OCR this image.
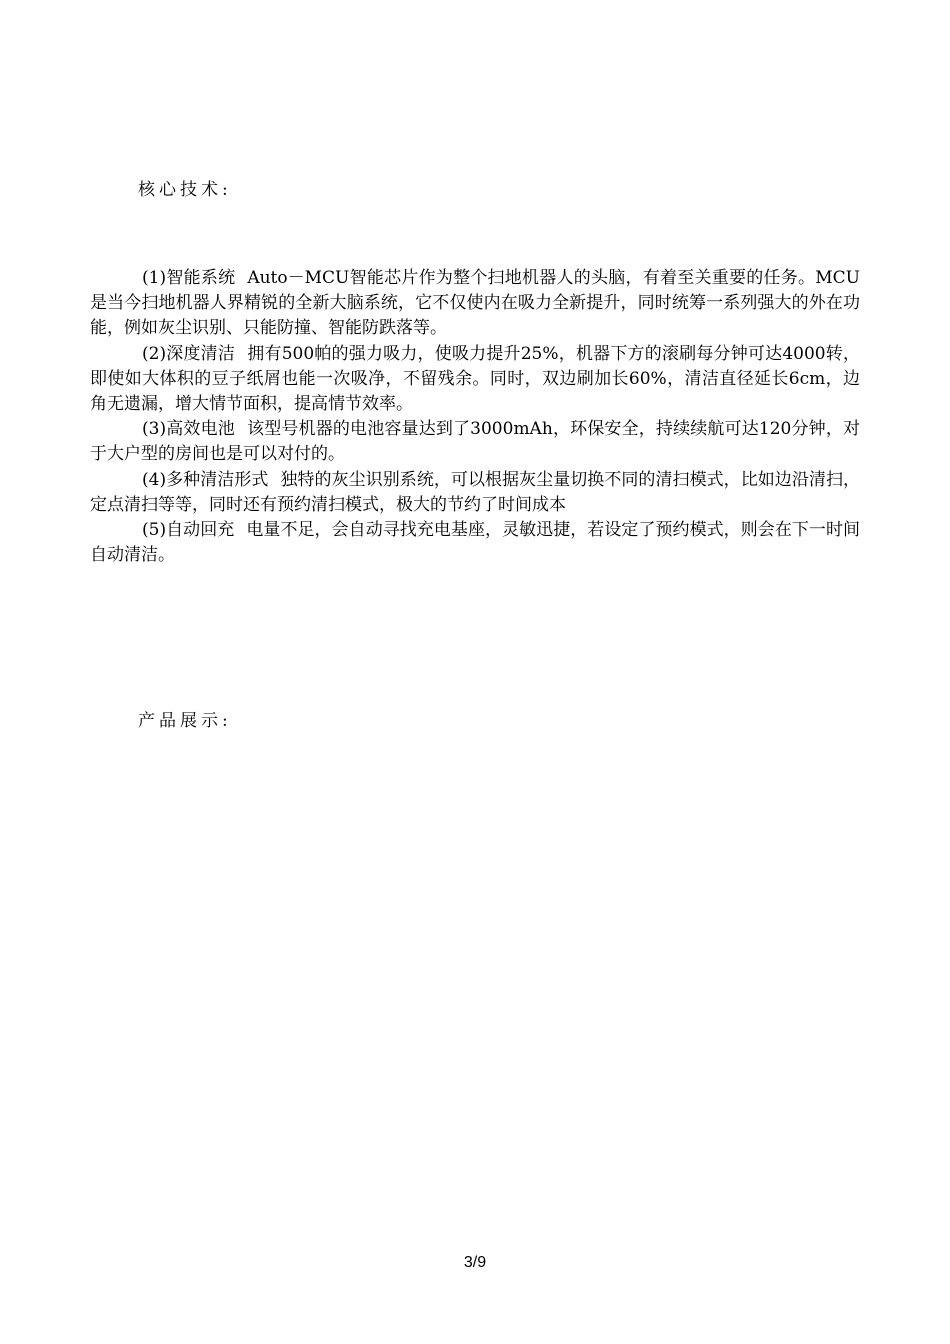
核心技术:

(1)智能系统 Auto－MCU智能芯片作为整个扫地机器人的头脑，有着至关重要的任务。MCU是当今扫地机器人界精锐的全新大脑系统，它不仅使内在吸力全新提升，同时统筹一系列强大的外在功能，例如灰尘识别、只能防撞、智能防跌落等。

(2)深度清洁 拥有500帕的强力吸力，使吸力提升25%，机器下方的滚刷每分钟可达4000转，即使如大体积的豆子纸屑也能一次吸净，不留残余。同时，双边刷加长60%，清洁直径延长6cm，边角无遗漏，增大情节面积，提高情节效率。

(3)高效电池 该型号机器的电池容量达到了3000mAh，环保安全，持续续航可达120分钟，对于大户型的房间也是可以对付的。

(4)多种清洁形式 独特的灰尘识别系统，可以根据灰尘量切换不同的清扫模式，比如边沿清扫，定点清扫等等，同时还有预约清扫模式，极大的节约了时间成本

(5)自动回充 电量不足，会自动寻找充电基座，灵敏迅捷，若设定了预约模式，则会在下一时间自动清洁。

产品展示:
3/9
